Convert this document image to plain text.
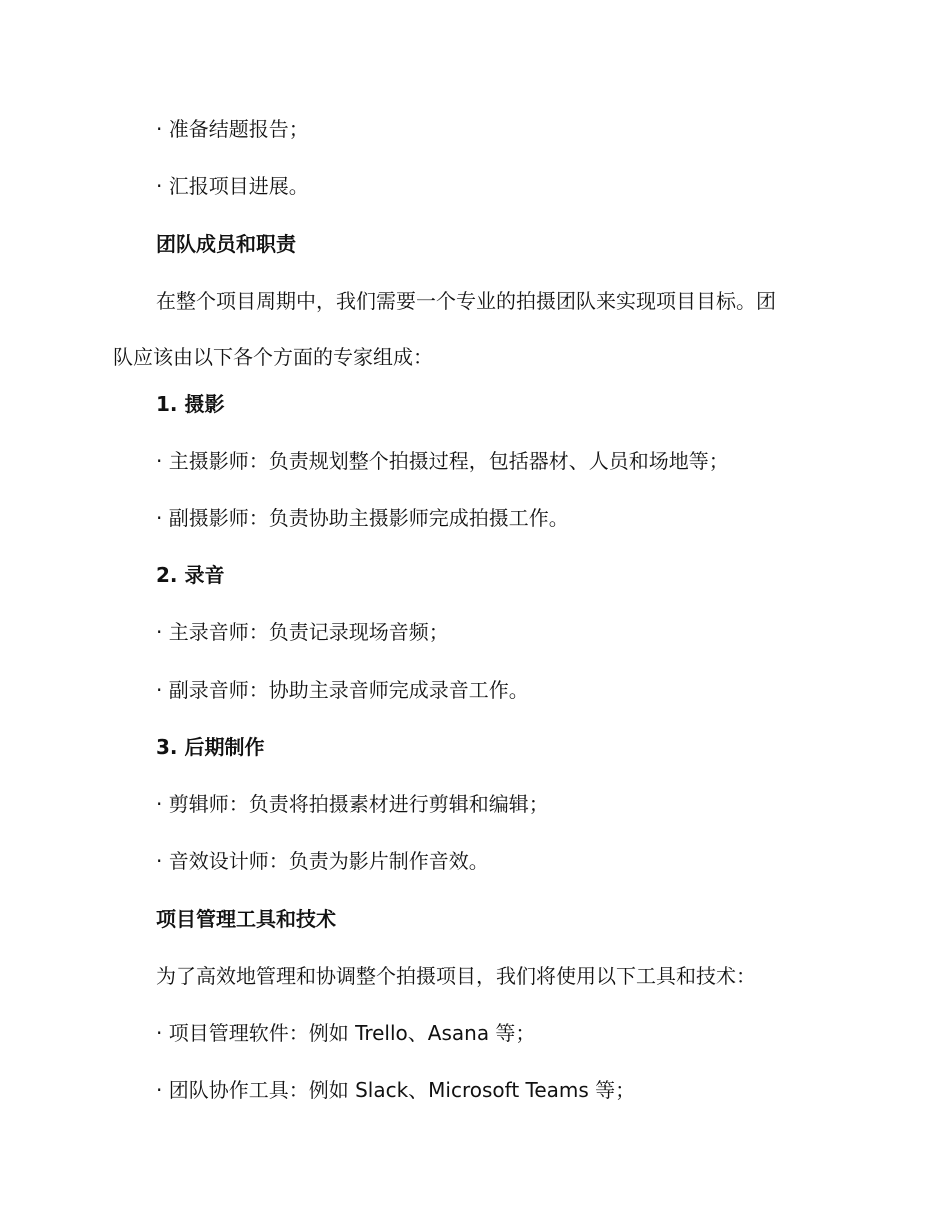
· 准备结题报告；
· 汇报项目进展。
团队成员和职责
在整个项目周期中，我们需要一个专业的拍摄团队来实现项目目标。团
队应该由以下各个方面的专家组成：
1. 摄影
· 主摄影师：负责规划整个拍摄过程，包括器材、人员和场地等；
· 副摄影师：负责协助主摄影师完成拍摄工作。
2. 录音
· 主录音师：负责记录现场音频；
· 副录音师：协助主录音师完成录音工作。
3. 后期制作
· 剪辑师：负责将拍摄素材进行剪辑和编辑；
· 音效设计师：负责为影片制作音效。
项目管理工具和技术
为了高效地管理和协调整个拍摄项目，我们将使用以下工具和技术：
· 项目管理软件：例如 Trello、Asana 等；
· 团队协作工具：例如 Slack、Microsoft Teams 等；
